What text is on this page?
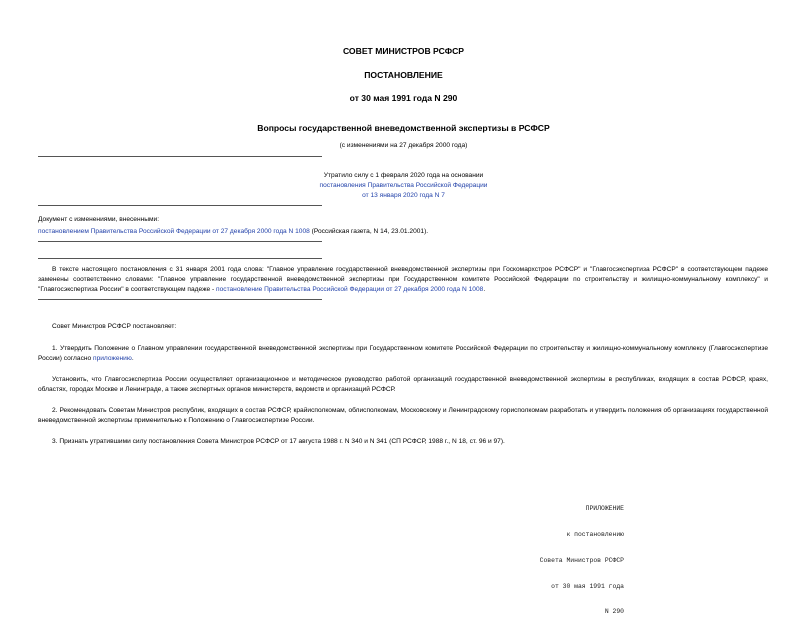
СОВЕТ МИНИСТРОВ РСФСР
ПОСТАНОВЛЕНИЕ
от 30 мая 1991 года N 290
Вопросы государственной вневедомственной экспертизы в РСФСР
(с изменениями на 27 декабря 2000 года)
Утратило силу с 1 февраля 2020 года на основании
постановления Правительства Российской Федерации
от 13 января 2020 года N 7
Документ с изменениями, внесенными:
постановлением Правительства Российской Федерации от 27 декабря 2000 года N 1008 (Российская газета, N 14, 23.01.2001).
В тексте настоящего постановления с 31 января 2001 года слова: "Главное управление государственной вневедомственной экспертизы при Госкомархстрое РСФСР" и "Главгосэкспертиза РСФСР" в соответствующем падеже заменены соответственно словами: "Главное управление государственной вневедомственной экспертизы при Государственном комитете Российской Федерации по строительству и жилищно-коммунальному комплексу" и "Главгосэкспертиза России" в соответствующем падеже - постановление Правительства Российской Федерации от 27 декабря 2000 года N 1008.
Совет Министров РСФСР постановляет:
1. Утвердить Положение о Главном управлении государственной вневедомственной экспертизы при Государственном комитете Российской Федерации по строительству и жилищно-коммунальному комплексу (Главгосэкспертизе России) согласно приложению.
Установить, что Главгосэкспертиза России осуществляет организационное и методическое руководство работой организаций государственной вневедомственной экспертизы в республиках, входящих в состав РСФСР, краях, областях, городах Москве и Ленинграде, а также экспертных органов министерств, ведомств и организаций РСФСР.
2. Рекомендовать Советам Министров республик, входящих в состав РСФСР, крайисполкомам, облисполкомам, Московскому и Ленинградскому горисполкомам разработать и утвердить положения об организациях государственной вневедомственной экспертизы применительно к Положению о Главгосэкспертизе России.
3. Признать утратившими силу постановления Совета Министров РСФСР от 17 августа 1988 г. N 340 и N 341 (СП РСФСР, 1988 г., N 18, ст. 96 и 97).

ПРИЛОЖЕНИЕ

к постановлению

Совета Министров РСФСР

от 30 мая 1991 года

N 290
